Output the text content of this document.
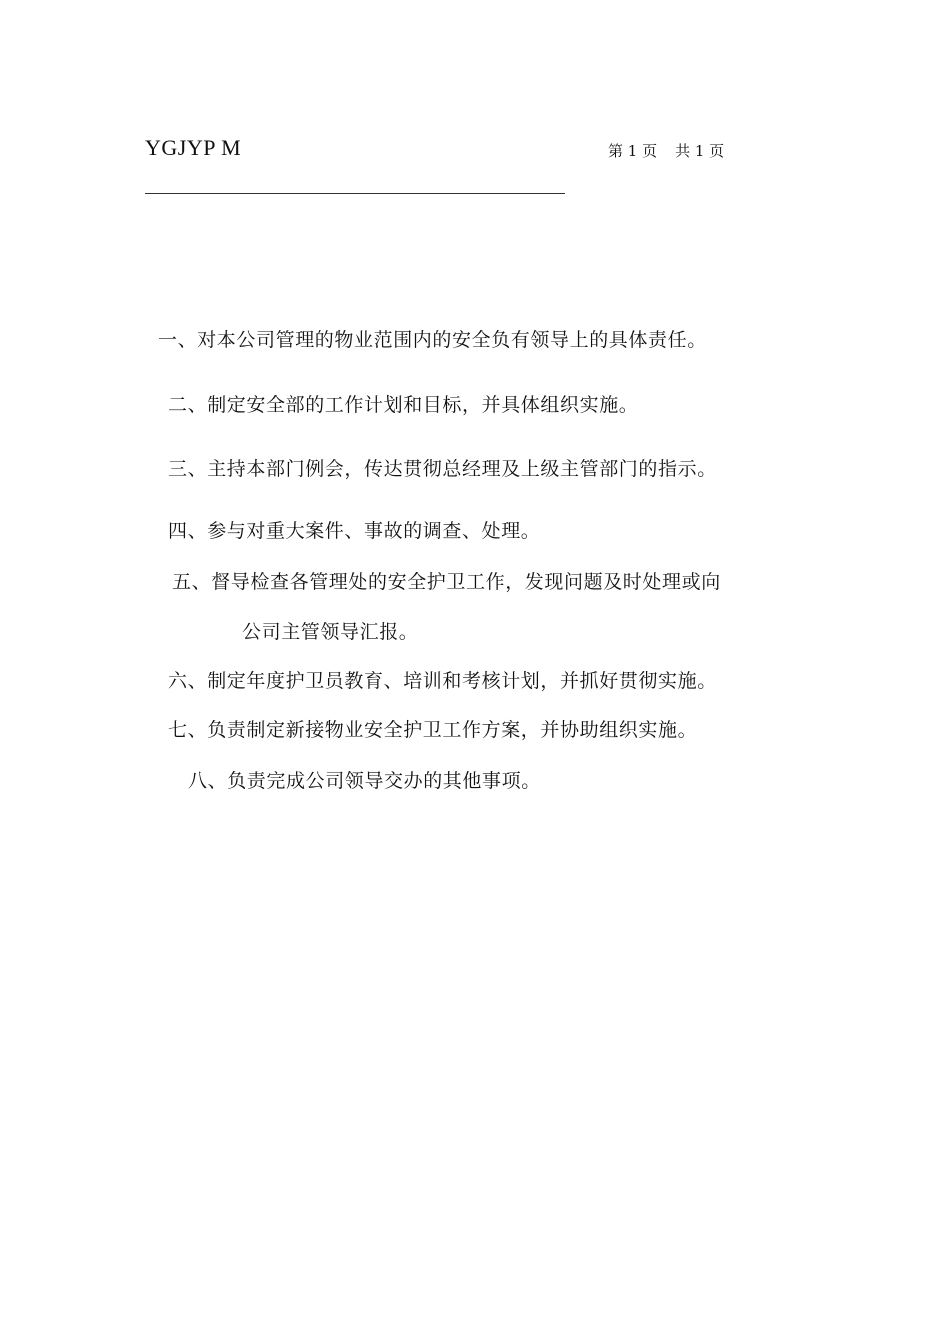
YGJYP M	第 1 页 共 1 页
一、对本公司管理的物业范围内的安全负有领导上的具体责任。
二、制定安全部的工作计划和目标，并具体组织实施。
三、主持本部门例会，传达贯彻总经理及上级主管部门的指示。
四、参与对重大案件、事故的调查、处理。
五、督导检查各管理处的安全护卫工作，发现问题及时处理或向
公司主管领导汇报。
六、制定年度护卫员教育、培训和考核计划，并抓好贯彻实施。
七、负责制定新接物业安全护卫工作方案，并协助组织实施。
八、负责完成公司领导交办的其他事项。
